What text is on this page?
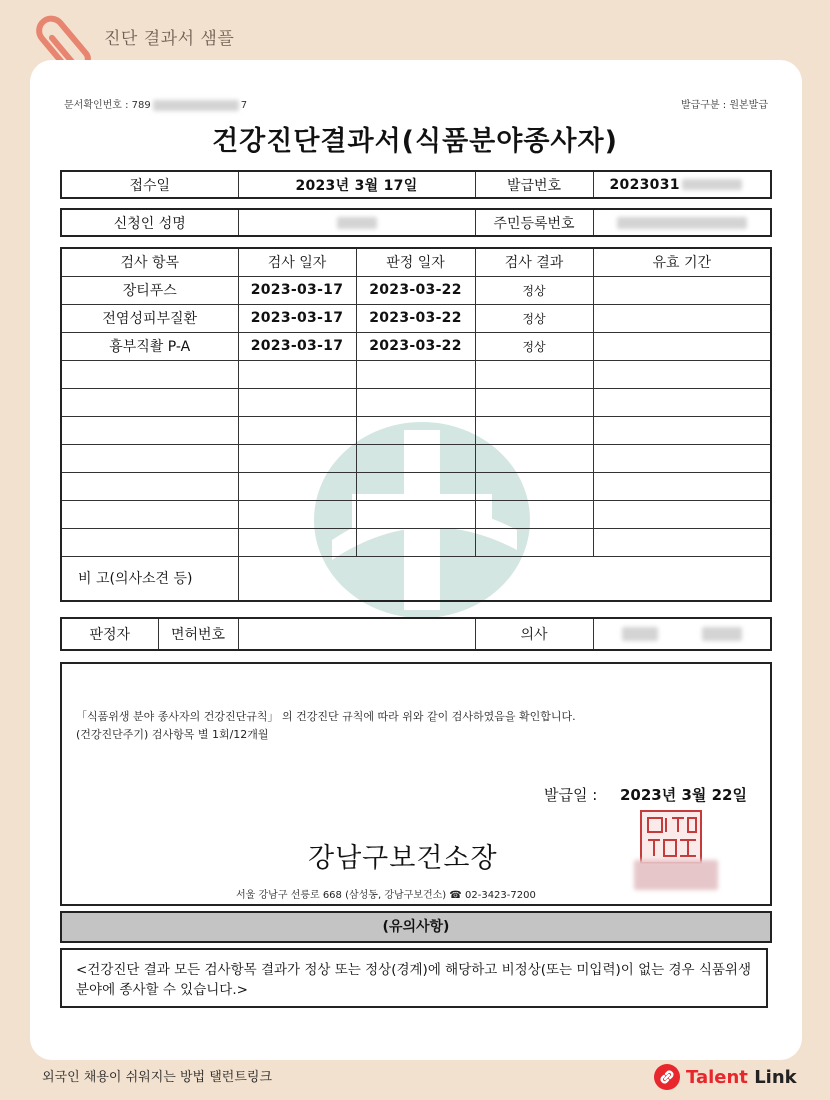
진단 결과서 샘플
문서확인번호 : 789	7	발급구분 : 원본발급
건강진단결과서(식품분야종사자)
접수일	2023년 3월 17일	발급번호	2023031
신청인 성명		주민등록번호	
검사 항목	검사 일자	판정 일자	검사 결과	유효 기간
장티푸스	2023-03-17	2023-03-22	정상	
전염성피부질환	2023-03-17	2023-03-22	정상	
흉부직촬 P-A	2023-03-17	2023-03-22	정상	

비 고(의사소견 등)				
판정자	면허번호		의사	
「식품위생 분야 종사자의 건강진단규칙」 의 건강진단 규칙에 따라 위와 같이 검사하였음을 확인합니다.
(건강진단주기) 검사항목 별 1회/12개월
발급일 : 2023년 3월 22일
강남구보건소장
서울 강남구 선릉로 668 (삼성동, 강남구보건소) ☎ 02-3423-7200
(유의사항)
<건강진단 결과 모든 검사항목 결과가 정상 또는 정상(경계)에 해당하고 비정상(또는 미입력)이 없는 경우 식품위생 분야에 종사할 수 있습니다.>
외국인 채용이 쉬워지는 방법 탤런트링크	Talent Link
